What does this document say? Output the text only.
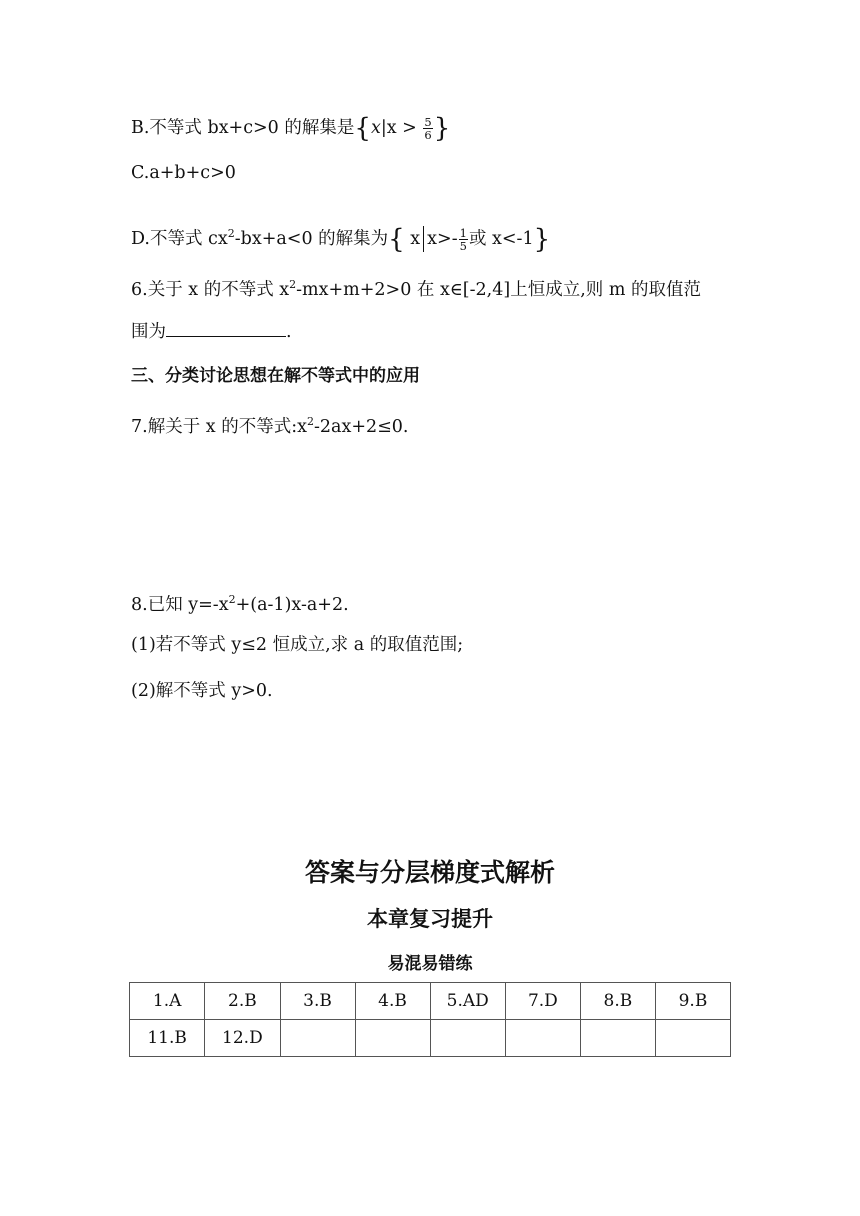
B.不等式 bx+c>0 的解集是{$x|x > \frac{5}{6}$ }
C.a+b+c>0
D.不等式 $cx^2-bx+a<0$ 的解集为{ x $x>- \frac{1}{5}$ 或 x<-1}
6.关于 x 的不等式 $x^2-mx+m+2>0$ 在 x∈[-2,4]上恒成立,则 m 的取值范
围为	.
三、分类讨论思想在解不等式中的应用
7.解关于 x 的不等式$:x^2-2ax+2\le 0$.
8.已知 $y=-x^2+(a-1)x-a+2$.
(1)若不等式 y≤2 恒成立,求 a 的取值范围;
(2)解不等式 y>0.
答案与分层梯度式解析
本章复习提升
易混易错练
1.A	2.B	3.B	4.B	5.AD	7.D	8.B	9.B
11.B	12.D						
